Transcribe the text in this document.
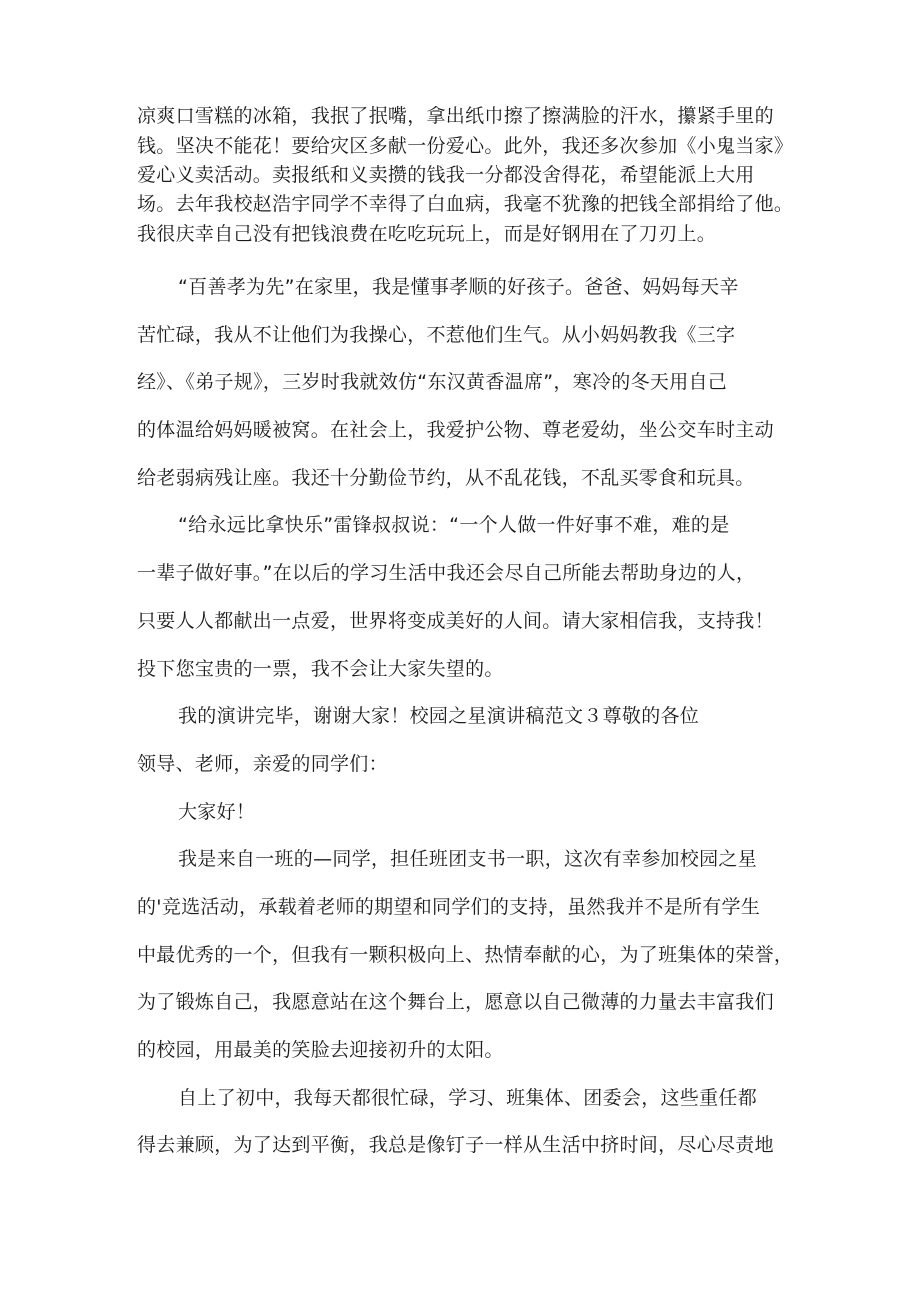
凉爽口雪糕的冰箱，我抿了抿嘴，拿出纸巾擦了擦满脸的汗水，攥紧手里的
钱。坚决不能花！要给灾区多献一份爱心。此外，我还多次参加《小鬼当家》
爱心义卖活动。卖报纸和义卖攒的钱我一分都没舍得花，希望能派上大用
场。去年我校赵浩宇同学不幸得了白血病，我毫不犹豫的把钱全部捐给了他。
我很庆幸自己没有把钱浪费在吃吃玩玩上，而是好钢用在了刀刃上。
“百善孝为先”在家里，我是懂事孝顺的好孩子。爸爸、妈妈每天辛
苦忙碌，我从不让他们为我操心，不惹他们生气。从小妈妈教我《三字
经》、《弟子规》，三岁时我就效仿“东汉黄香温席”，寒冷的冬天用自己
的体温给妈妈暖被窝。在社会上，我爱护公物、尊老爱幼，坐公交车时主动
给老弱病残让座。我还十分勤俭节约，从不乱花钱，不乱买零食和玩具。
“给永远比拿快乐”雷锋叔叔说：“一个人做一件好事不难，难的是
一辈子做好事。”在以后的学习生活中我还会尽自己所能去帮助身边的人，
只要人人都献出一点爱，世界将变成美好的人间。请大家相信我，支持我！
投下您宝贵的一票，我不会让大家失望的。
我的演讲完毕，谢谢大家！校园之星演讲稿范文３尊敬的各位
领导、老师，亲爱的同学们：
大家好！
我是来自一班的—同学，担任班团支书一职，这次有幸参加校园之星
的'竞选活动，承载着老师的期望和同学们的支持，虽然我并不是所有学生
中最优秀的一个，但我有一颗积极向上、热情奉献的心，为了班集体的荣誉，
为了锻炼自己，我愿意站在这个舞台上，愿意以自己微薄的力量去丰富我们
的校园，用最美的笑脸去迎接初升的太阳。
自上了初中，我每天都很忙碌，学习、班集体、团委会，这些重任都
得去兼顾，为了达到平衡，我总是像钉子一样从生活中挤时间，尽心尽责地
